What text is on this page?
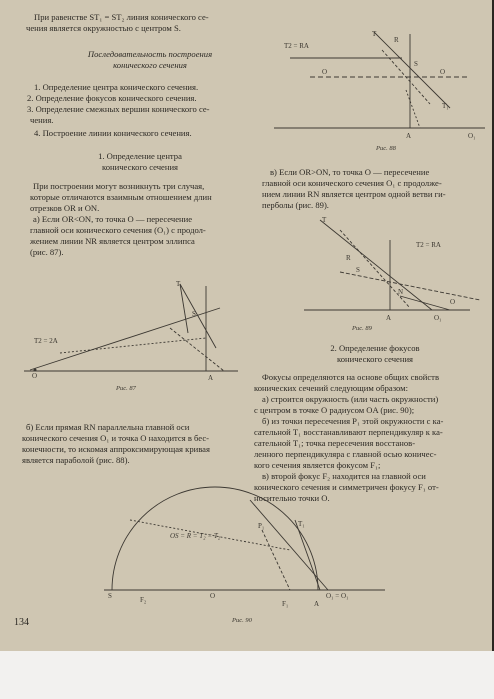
При равенстве ST₁ = ST₂ линия конического се-
чения является окружностью с центром S.
Последовательность построения
конического сечения
1. Определение центра конического сечения.
2. Определение фокусов конического сечения.
3. Определение смежных вершин конического се-
чения.
4. Построение линии конического сечения.
1. Определение центра
конического сечения
При построении могут возникнуть три случая,
которые отличаются взаимным отношением длин
отрезков OR и ON.
а) Если OR<ON, то точка O — пересечение
главной оси конического сечения (O₁) с продол-
жением линии NR является центром эллипса
(рис. 87).
б) Если прямая RN параллельна главной оси
конического сечения O₁ и точка O находится в бес-
конечности, то искомая аппроксимирующая кривая
является параболой (рис. 88).
134
в) Если OR>ON, то точка O — пересечение
главной оси конического сечения O₁ с продолже-
нием линии RN является центром одной ветви ги-
перболы (рис. 89).
2. Определение фокусов
конического сечения
Фокусы определяются на основе общих свойств
конических сечений следующим образом:
а) строится окружность (или часть окружности)
с центром в точке O радиусом OA (рис. 90);
б) из точки пересечения P₁ этой окружности с ка-
сательной T₁ восстанавливают перпендикуляр к ка-
сательной T₁; точка пересечения восстанов-
ленного перпендикуляра с главной осью коничес-
кого сечения является фокусом F₁;
в) второй фокус F₂ находится на главной оси
конического сечения и симметричен фокусу F₁ от-
носительно точки O.
T2 = RA
T
R
S
O	O
A	O₁
T₁
Рис. 88
T2 = 2A
T
S
O	A
Рис. 87
T2 = RA
T
R
S
N
A
O
O₁
Рис. 89
OS = R = T₂ = T₂
S	F₂	O
F₁	A
O₁ = O₁
T₁
P₁
Рис. 90
